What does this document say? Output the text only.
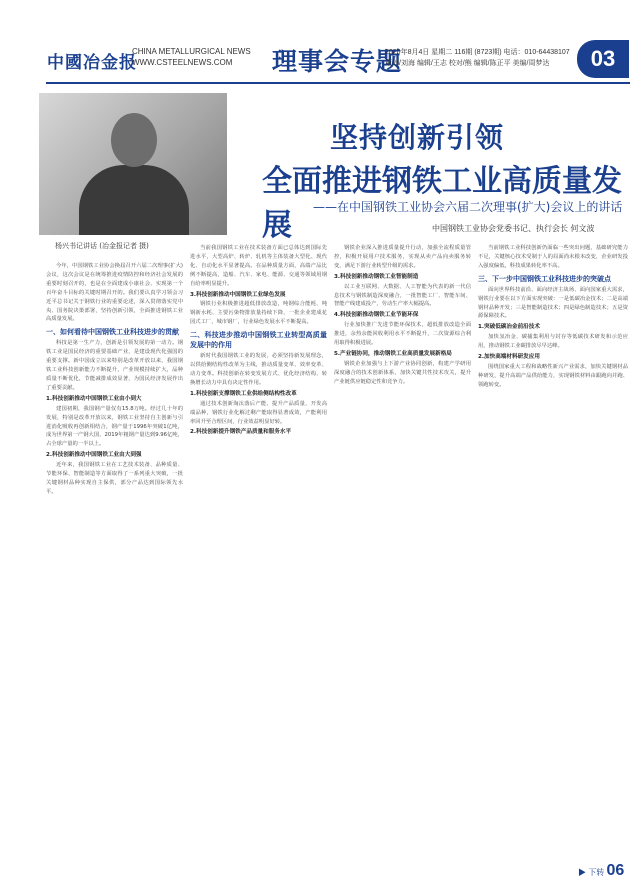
中國冶金报
CHINA METALLURGICAL NEWS
WWW.CSTEELNEWS.COM 理事会专题
2020年8月4日 星期二 116期 (8723期) 电话：010-64438107
策划/刘海 编辑/王志 校对/熊 编辑/陈正平 美编/周梦达	03
杨兴书记讲话 (冶金报记者 摄)
坚持创新引领
全面推进钢铁工业高质量发展
——在中国钢铁工业协会六届二次理事(扩大)会议上的讲话
中国钢铁工业协会党委书记、执行会长 何文波

今年，中国钢铁工业协会换届召开六届二次理事(扩大)会议，这次会议是在统筹推进疫情防控和经济社会发展的重要时刻召开的，也是在全面建成小康社会、实现第一个百年奋斗目标的关键时期召开的。我们要认真学习领会习近平总书记关于钢铁行业的重要论述，深入贯彻落实党中央、国务院决策部署，坚持创新引领，全面推进钢铁工业高质量发展。

一、如何看待中国钢铁工业科技进步的贯献

科技是第一生产力，创新是引领发展的第一动力。钢铁工业是国民经济的重要基础产业，是建设现代化强国的重要支撑。新中国成立以来特别是改革开放以来，我国钢铁工业科技创新能力不断提升，产业规模持续扩大，品种质量不断优化，节能减排成效显著，为国民经济发展作出了重要贡献。

1.科技创新推动中国钢铁工业由小到大

建国初期，我国钢产量仅有15.8万吨。经过几十年的发展，特别是改革开放以来，钢铁工业坚持自主创新与引进消化吸收再创新相结合，钢产量于1996年突破1亿吨，成为世界第一产钢大国，2019年粗钢产量达到9.96亿吨，占全球产量的一半以上。

2.科技创新推动中国钢铁工业由大到强

近年来，我国钢铁工业在工艺技术装备、品种质量、节能环保、智能制造等方面取得了一系列重大突破，一批关键钢材品种实现自主保供，部分产品达到国际领先水平。

当前我国钢铁工业在技术装备方面已总体达到国际先进水平，大型高炉、转炉、轧机等主体装备大型化、现代化、自动化水平显著提高。在品种质量方面，高端产品比例不断提高，造船、汽车、家电、能源、交通等领域用钢自给率明显提升。

3.科技创新推动中国钢铁工业绿色发展

钢铁行业积极推进超低排放改造，吨钢综合能耗、吨钢新水耗、主要污染物排放量持续下降，一批企业建成花园式工厂、城市钢厂，行业绿色发展水平不断提高。

二、科技进步推动中国钢铁工业转型高质量发展中的作用

新时代我国钢铁工业的发展，必须坚持新发展理念，以供给侧结构性改革为主线，推动质量变革、效率变革、动力变革。科技创新在转变发展方式、优化经济结构、转换增长动力中具有决定性作用。

1.科技创新支撑钢铁工业供给侧结构性改革

通过技术创新淘汰落后产能、提升产品质量、开发高端品种，钢铁行业化解过剩产能取得显著成效，产能利用率回升至合理区间，行业效益明显好转。

2.科技创新提升钢铁产品质量和服务水平

钢铁企业深入推进质量提升行动，加强全流程质量管控，积极开展用户技术服务，实现从卖产品向卖服务转变，满足下游行业转型升级的需求。

3.科技创新推动钢铁工业智能制造

以工业互联网、大数据、人工智能为代表的新一代信息技术与钢铁制造深度融合，一批智能工厂、智能车间、智能产线建成投产，劳动生产率大幅提高。

4.科技创新推动钢铁工业节能环保

行业加快推广先进节能环保技术，超低排放改造全面推进，余热余能回收利用水平不断提升，二次资源综合利用取得积极进展。

5.产业链协同，推动钢铁工业高质量发展新格局

钢铁企业加强与上下游产业协同创新，构建产学研用深度融合的技术创新体系，加快关键共性技术攻关，提升产业链供应链稳定性和竞争力。

当前钢铁工业科技创新仍面临一些突出问题，基础研究能力不足，关键核心技术受制于人的局面尚未根本改变，企业研发投入强度偏低，科技成果转化率不高。

三、下一步中国钢铁工业科技进步的突破点

面向世界科技前沿、面向经济主战场、面向国家重大需求，钢铁行业要在以下方面实现突破：一是低碳冶金技术；二是高端钢材品种开发；三是智能制造技术；四是绿色制造技术；五是资源保障技术。

1.突破低碳冶金前沿技术

加快氢冶金、碳捕集利用与封存等低碳技术研发和示范应用，推动钢铁工业碳排放尽早达峰。

2.加快高端材料研发应用

围绕国家重大工程和战略性新兴产业需求，加快关键钢材品种研发，提升高端产品供给能力，实现钢铁材料由跟跑向并跑、领跑转变。

▶ 下转 06
